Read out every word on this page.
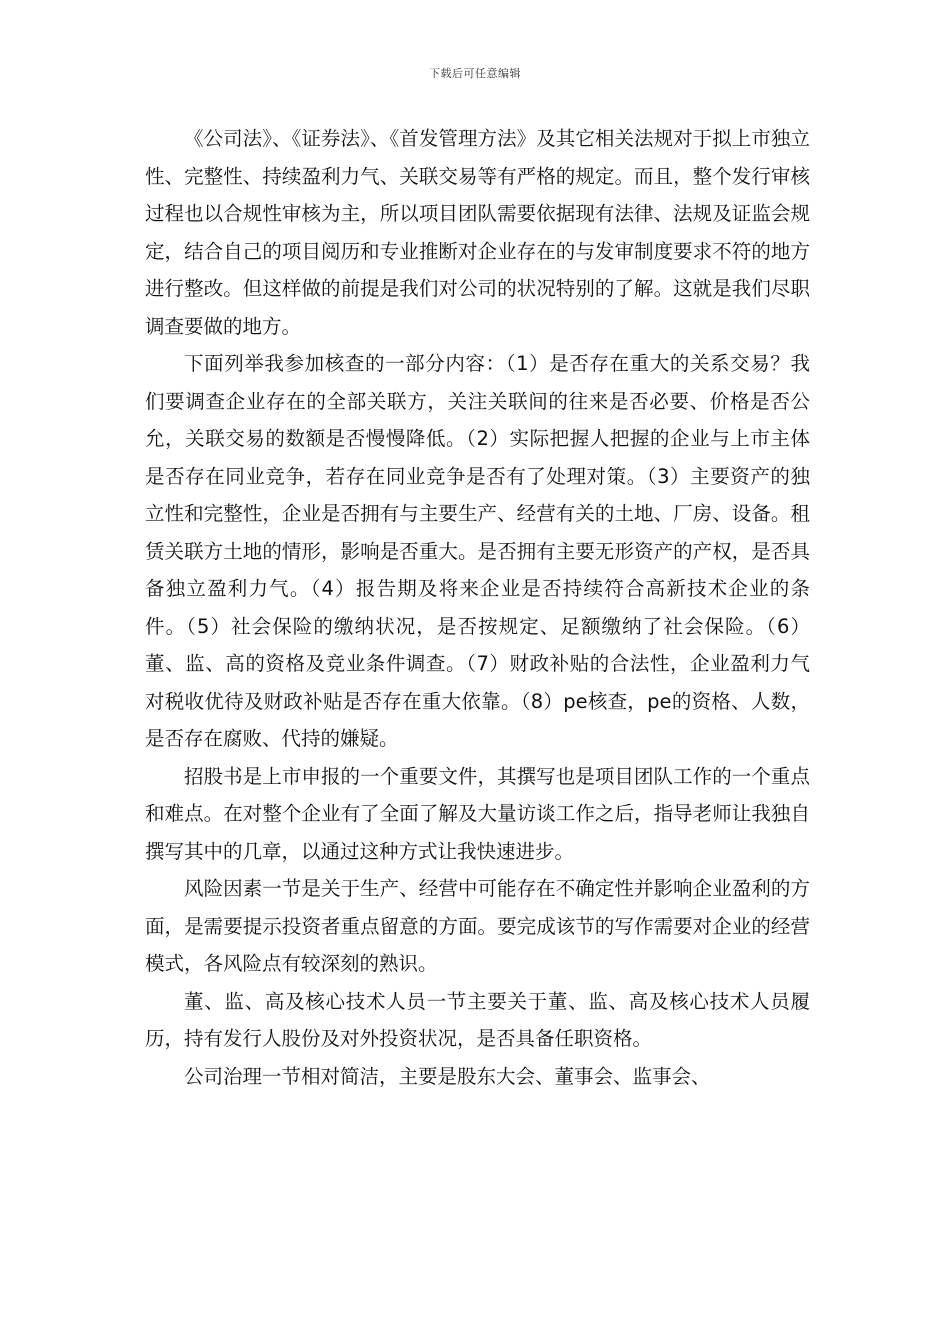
下载后可任意编辑

《公司法》、《证券法》、《首发管理方法》及其它相关法规对于拟上市独立性、完整性、持续盈利力气、关联交易等有严格的规定。而且，整个发行审核过程也以合规性审核为主，所以项目团队需要依据现有法律、法规及证监会规定，结合自己的项目阅历和专业推断对企业存在的与发审制度要求不符的地方进行整改。但这样做的前提是我们对公司的状况特别的了解。这就是我们尽职调查要做的地方。

下面列举我参加核查的一部分内容：（1）是否存在重大的关系交易？我们要调查企业存在的全部关联方，关注关联间的往来是否必要、价格是否公允，关联交易的数额是否慢慢降低。（2）实际把握人把握的企业与上市主体是否存在同业竞争，若存在同业竞争是否有了处理对策。（3）主要资产的独立性和完整性，企业是否拥有与主要生产、经营有关的土地、厂房、设备。租赁关联方土地的情形，影响是否重大。是否拥有主要无形资产的产权，是否具备独立盈利力气。（4）报告期及将来企业是否持续符合高新技术企业的条件。（5）社会保险的缴纳状况，是否按规定、足额缴纳了社会保险。（6）董、监、高的资格及竞业条件调查。（7）财政补贴的合法性，企业盈利力气对税收优待及财政补贴是否存在重大依靠。（8）pe核查，pe的资格、人数，是否存在腐败、代持的嫌疑。

招股书是上市申报的一个重要文件，其撰写也是项目团队工作的一个重点和难点。在对整个企业有了全面了解及大量访谈工作之后，指导老师让我独自撰写其中的几章，以通过这种方式让我快速进步。

风险因素一节是关于生产、经营中可能存在不确定性并影响企业盈利的方面，是需要提示投资者重点留意的方面。要完成该节的写作需要对企业的经营模式，各风险点有较深刻的熟识。

董、监、高及核心技术人员一节主要关于董、监、高及核心技术人员履历，持有发行人股份及对外投资状况，是否具备任职资格。

公司治理一节相对简洁，主要是股东大会、董事会、监事会、
